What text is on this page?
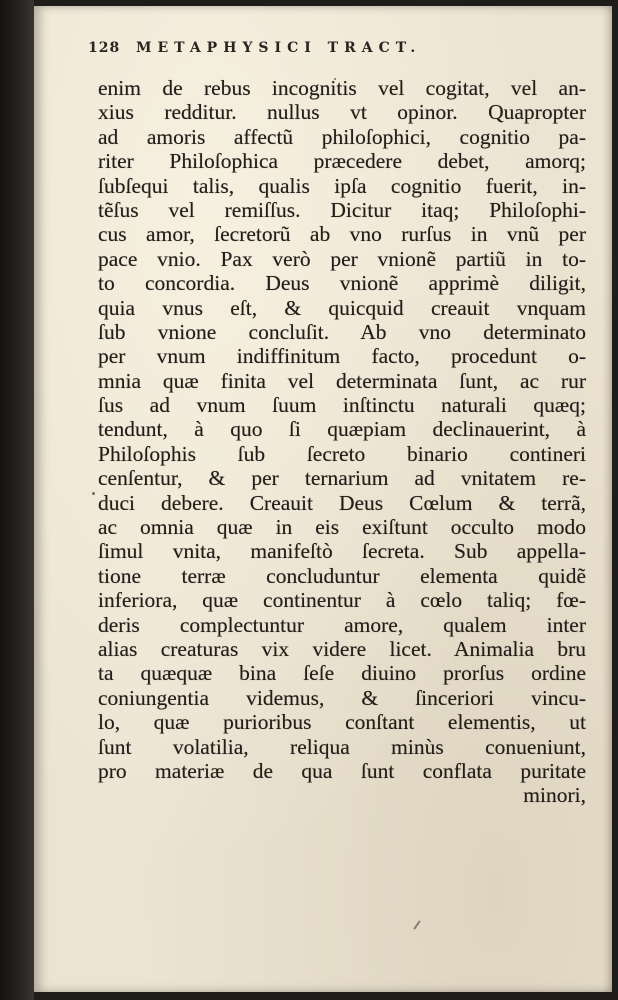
128 METAPHYSICI TRACT.
enim de rebus incognitis vel cogitat, vel an-
xius redditur. nullus vt opinor. Quapropter
ad amoris affectũ philoſophici, cognitio pa-
riter Philoſophica præcedere debet, amorq;
ſubſequi talis, qualis ipſa cognitio fuerit, in-
tẽſus vel remiſſus. Dicitur itaq; Philoſophi-
cus amor, ſecretorũ ab vno rurſus in vnũ per
pace vnio. Pax verò per vnionẽ partiũ in to-
to concordia. Deus vnionẽ apprimè diligit,
quia vnus eſt, & quicquid creauit vnquam
ſub vnione concluſit. Ab vno determinato
per vnum indiffinitum facto, procedunt o-
mnia quæ finita vel determinata ſunt, ac rur
ſus ad vnum ſuum inſtinctu naturali quæq;
tendunt, à quo ſi quæpiam declinauerint, à
Philoſophis ſub ſecreto binario contineri
cenſentur, & per ternarium ad vnitatem re-
duci debere. Creauit Deus Cœlum & terrã,
ac omnia quæ in eis exiſtunt occulto modo
ſimul vnita, manifeſtò ſecreta. Sub appella-
tione terræ concluduntur elementa quidẽ
inferiora, quæ continentur à cœlo taliq; fœ-
deris complectuntur amore, qualem inter
alias creaturas vix videre licet. Animalia bru
ta quæquæ bina ſeſe diuino prorſus ordine
coniungentia videmus, & ſinceriori vincu-
lo, quæ purioribus conſtant elementis, ut
ſunt volatilia, reliqua minùs conueniunt,
pro materiæ de qua ſunt conflata puritate
minori,
